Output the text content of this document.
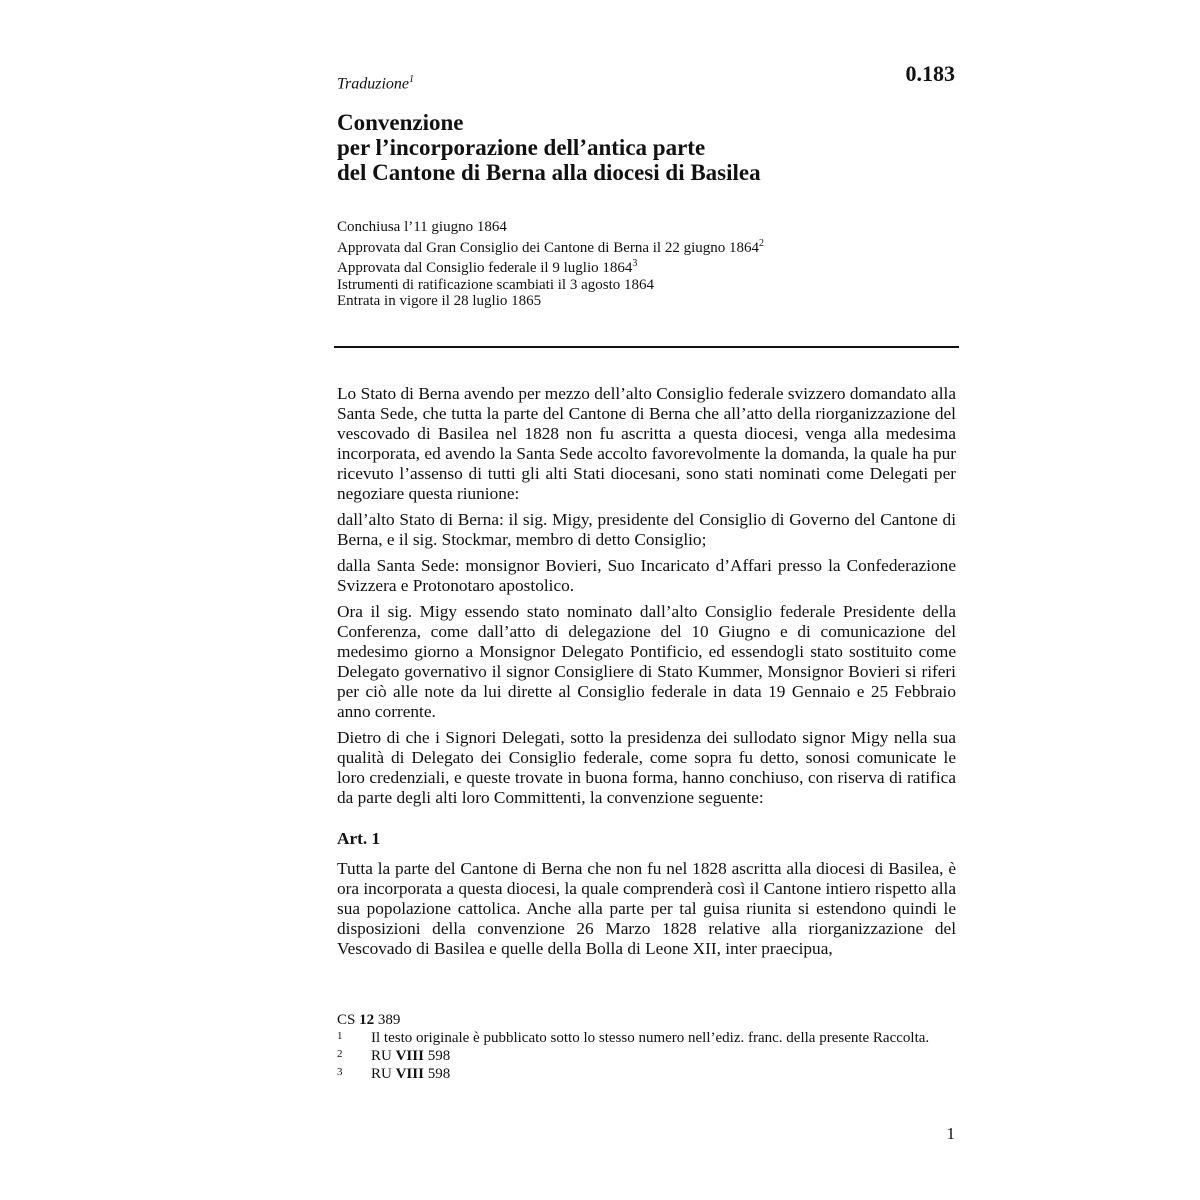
Traduzione$^1$	0.183
Convenzione
per l’incorporazione dell’antica parte
del Cantone di Berna alla diocesi di Basilea
Conchiusa l’11 giugno 1864
Approvata dal Gran Consiglio dei Cantone di Berna il 22 giugno 1864$^2$
Approvata dal Consiglio federale il 9 luglio 1864$^3$
Istrumenti di ratificazione scambiati il 3 agosto 1864
Entrata in vigore il 28 luglio 1865

Lo Stato di Berna avendo per mezzo dell’alto Consiglio federale svizzero domandato alla Santa Sede, che tutta la parte del Cantone di Berna che all’atto della riorganizzazione del vescovado di Basilea nel 1828 non fu ascritta a questa diocesi, venga alla medesima incorporata, ed avendo la Santa Sede accolto favorevolmente la domanda, la quale ha pur ricevuto l’assenso di tutti gli alti Stati diocesani, sono stati nominati come Delegati per negoziare questa riunione:

dall’alto Stato di Berna: il sig. Migy, presidente del Consiglio di Governo del Cantone di Berna, e il sig. Stockmar, membro di detto Consiglio;

dalla Santa Sede: monsignor Bovieri, Suo Incaricato d’Affari presso la Confederazione Svizzera e Protonotaro apostolico.

Ora il sig. Migy essendo stato nominato dall’alto Consiglio federale Presidente della Conferenza, come dall’atto di delegazione del 10 Giugno e di comunicazione del medesimo giorno a Monsignor Delegato Pontificio, ed essendogli stato sostituito come Delegato governativo il signor Consigliere di Stato Kummer, Monsignor Bovieri si riferi per ciò alle note da lui dirette al Consiglio federale in data 19 Gennaio e 25 Febbraio anno corrente.

Dietro di che i Signori Delegati, sotto la presidenza dei sullodato signor Migy nella sua qualità di Delegato dei Consiglio federale, come sopra fu detto, sonosi comunicate le loro credenziali, e queste trovate in buona forma, hanno conchiuso, con riserva di ratifica da parte degli alti loro Committenti, la convenzione seguente:

Art. 1

Tutta la parte del Cantone di Berna che non fu nel 1828 ascritta alla diocesi di Basilea, è ora incorporata a questa diocesi, la quale comprenderà così il Cantone intiero rispetto alla sua popolazione cattolica. Anche alla parte per tal guisa riunita si estendono quindi le disposizioni della convenzione 26 Marzo 1828 relative alla riorganizzazione del Vescovado di Basilea e quelle della Bolla di Leone XII, inter praecipua,

CS 12 389
1	Il testo originale è pubblicato sotto lo stesso numero nell’ediz. franc. della presente Raccolta.
2	RU VIII 598
3	RU VIII 598
1
